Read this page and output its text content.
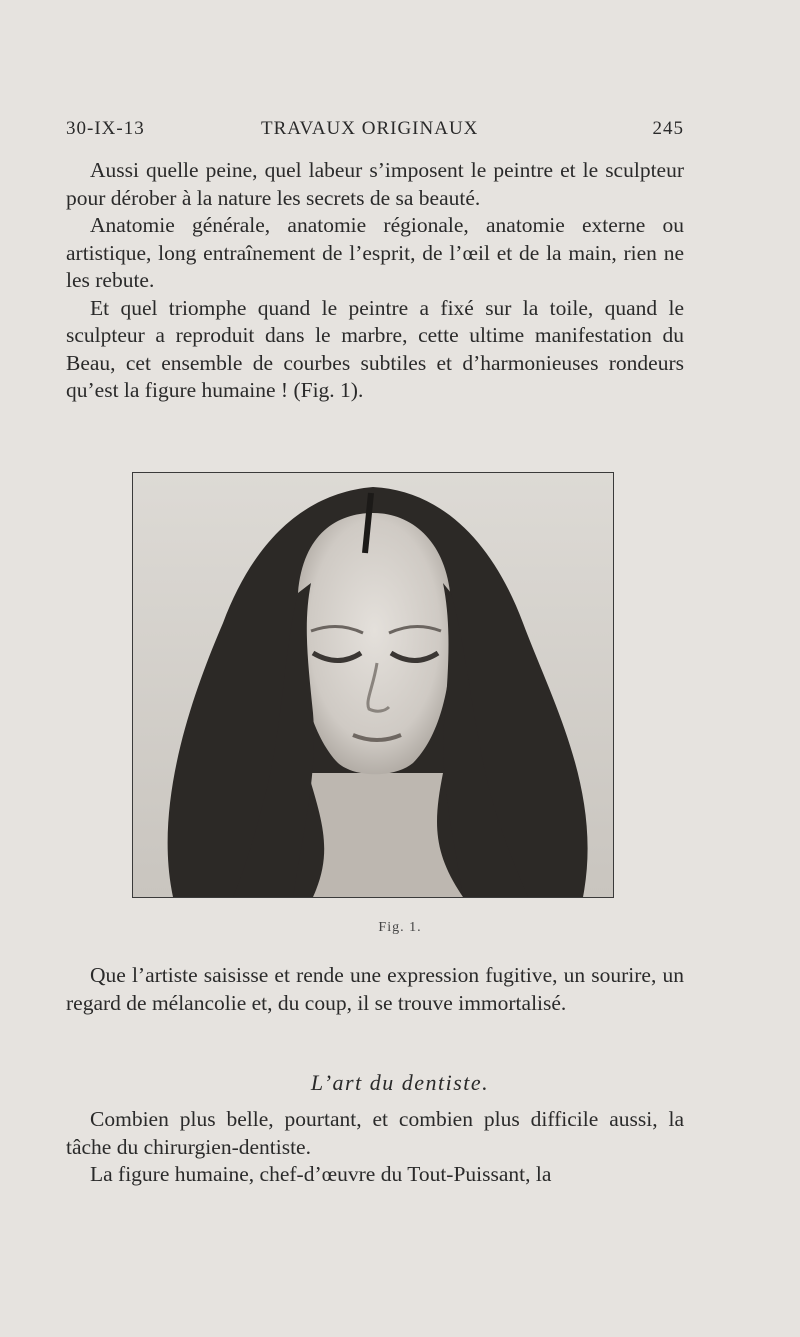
30-IX-13	TRAVAUX ORIGINAUX	245

Aussi quelle peine, quel labeur s’imposent le peintre et le sculpteur pour dérober à la nature les secrets de sa beauté.

Anatomie générale, anatomie régionale, anatomie externe ou artistique, long entraînement de l’esprit, de l’œil et de la main, rien ne les rebute.

Et quel triomphe quand le peintre a fixé sur la toile, quand le sculpteur a reproduit dans le marbre, cette ultime manifestation du Beau, cet ensemble de courbes subtiles et d’harmonieuses rondeurs qu’est la figure humaine ! (Fig. 1).

Fig. 1.

Que l’artiste saisisse et rende une expression fugitive, un sourire, un regard de mélancolie et, du coup, il se trouve immortalisé.

L’art du dentiste.

Combien plus belle, pourtant, et combien plus difficile aussi, la tâche du chirurgien-dentiste.

La figure humaine, chef-d’œuvre du Tout-Puissant, la
